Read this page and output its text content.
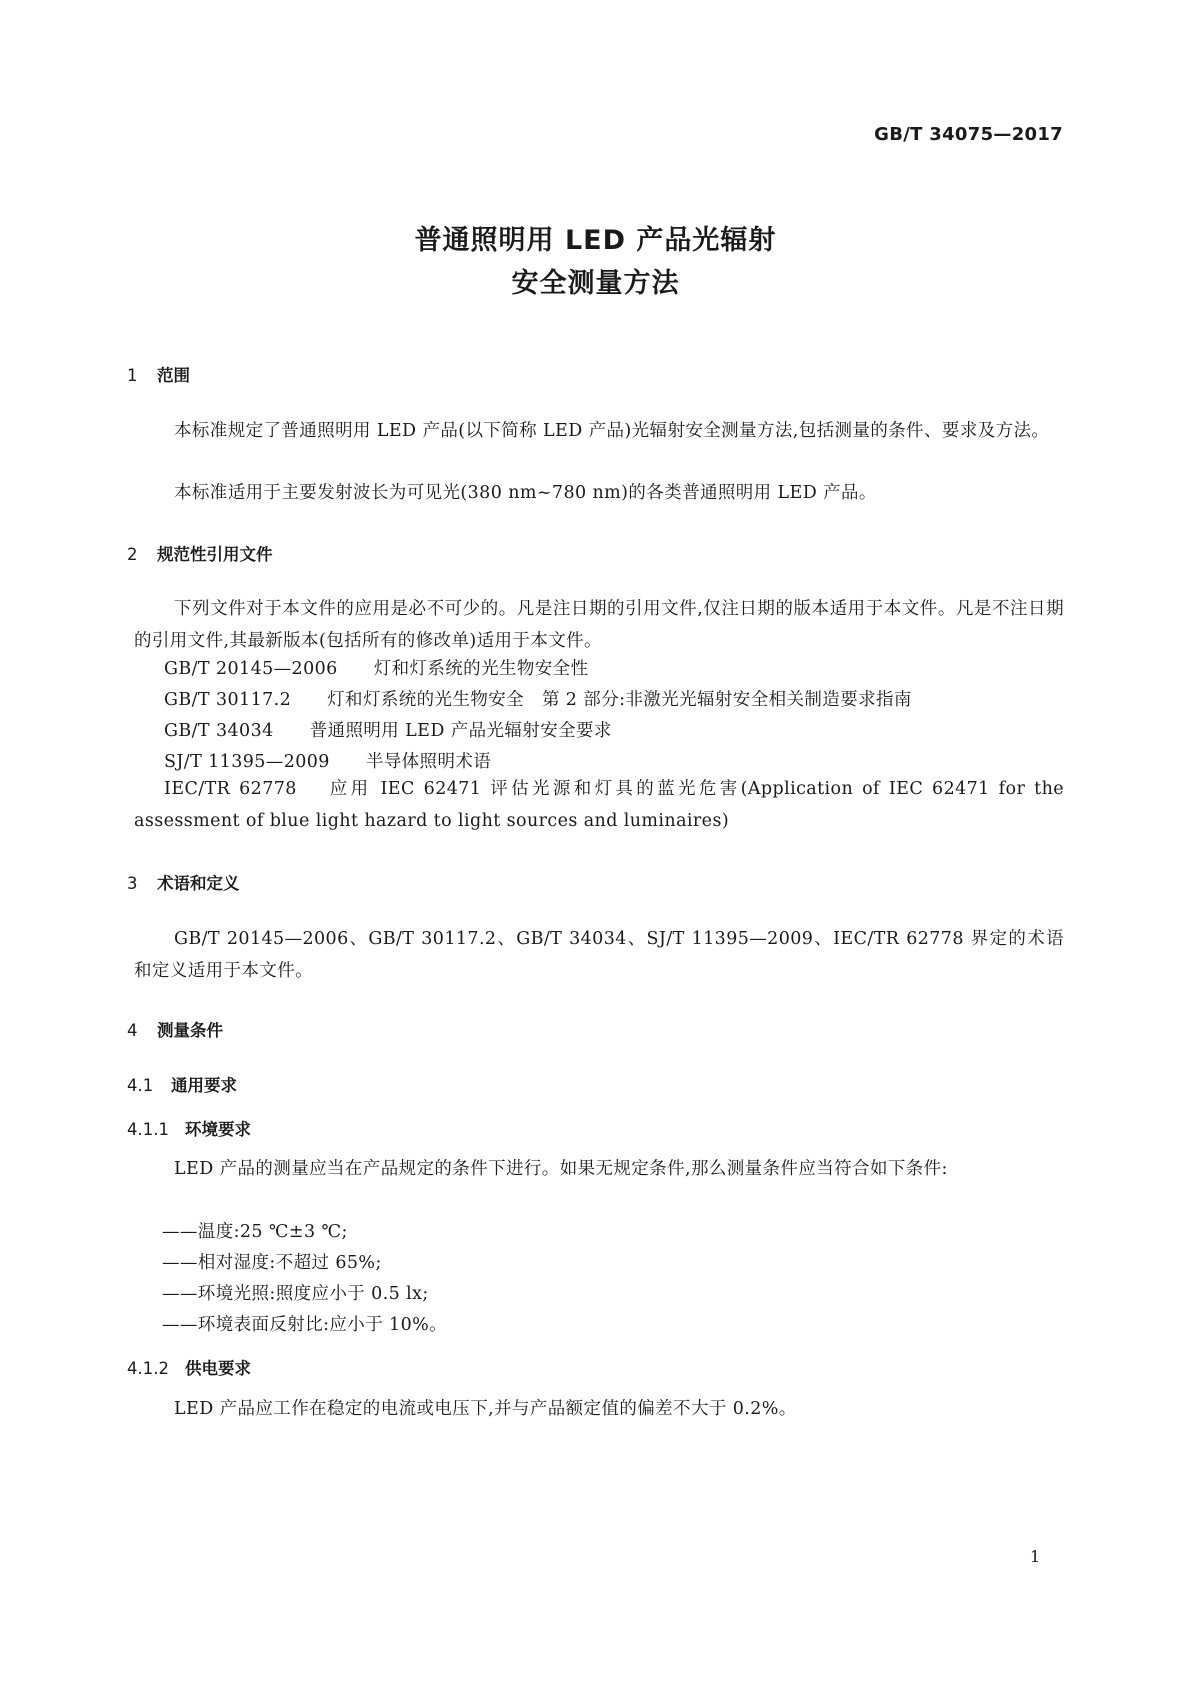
GB/T 34075—2017
普通照明用 LED 产品光辐射
安全测量方法
1 范围
本标准规定了普通照明用 LED 产品(以下简称 LED 产品)光辐射安全测量方法,包括测量的条件、要求及方法。
本标准适用于主要发射波长为可见光(380 nm~780 nm)的各类普通照明用 LED 产品。
2 规范性引用文件
下列文件对于本文件的应用是必不可少的。凡是注日期的引用文件,仅注日期的版本适用于本文件。凡是不注日期的引用文件,其最新版本(包括所有的修改单)适用于本文件。
GB/T 20145—2006 灯和灯系统的光生物安全性
GB/T 30117.2 灯和灯系统的光生物安全　第 2 部分:非激光光辐射安全相关制造要求指南
GB/T 34034 普通照明用 LED 产品光辐射安全要求
SJ/T 11395—2009 半导体照明术语
IEC/TR 62778 应用 IEC 62471 评估光源和灯具的蓝光危害(Application of IEC 62471 for the assessment of blue light hazard to light sources and luminaires)
3 术语和定义
GB/T 20145—2006、GB/T 30117.2、GB/T 34034、SJ/T 11395—2009、IEC/TR 62778 界定的术语和定义适用于本文件。
4 测量条件
4.1 通用要求
4.1.1 环境要求
LED 产品的测量应当在产品规定的条件下进行。如果无规定条件,那么测量条件应当符合如下条件:
——温度:25 ℃±3 ℃;
——相对湿度:不超过 65%;
——环境光照:照度应小于 0.5 lx;
——环境表面反射比:应小于 10%。
4.1.2 供电要求
LED 产品应工作在稳定的电流或电压下,并与产品额定值的偏差不大于 0.2%。
1
